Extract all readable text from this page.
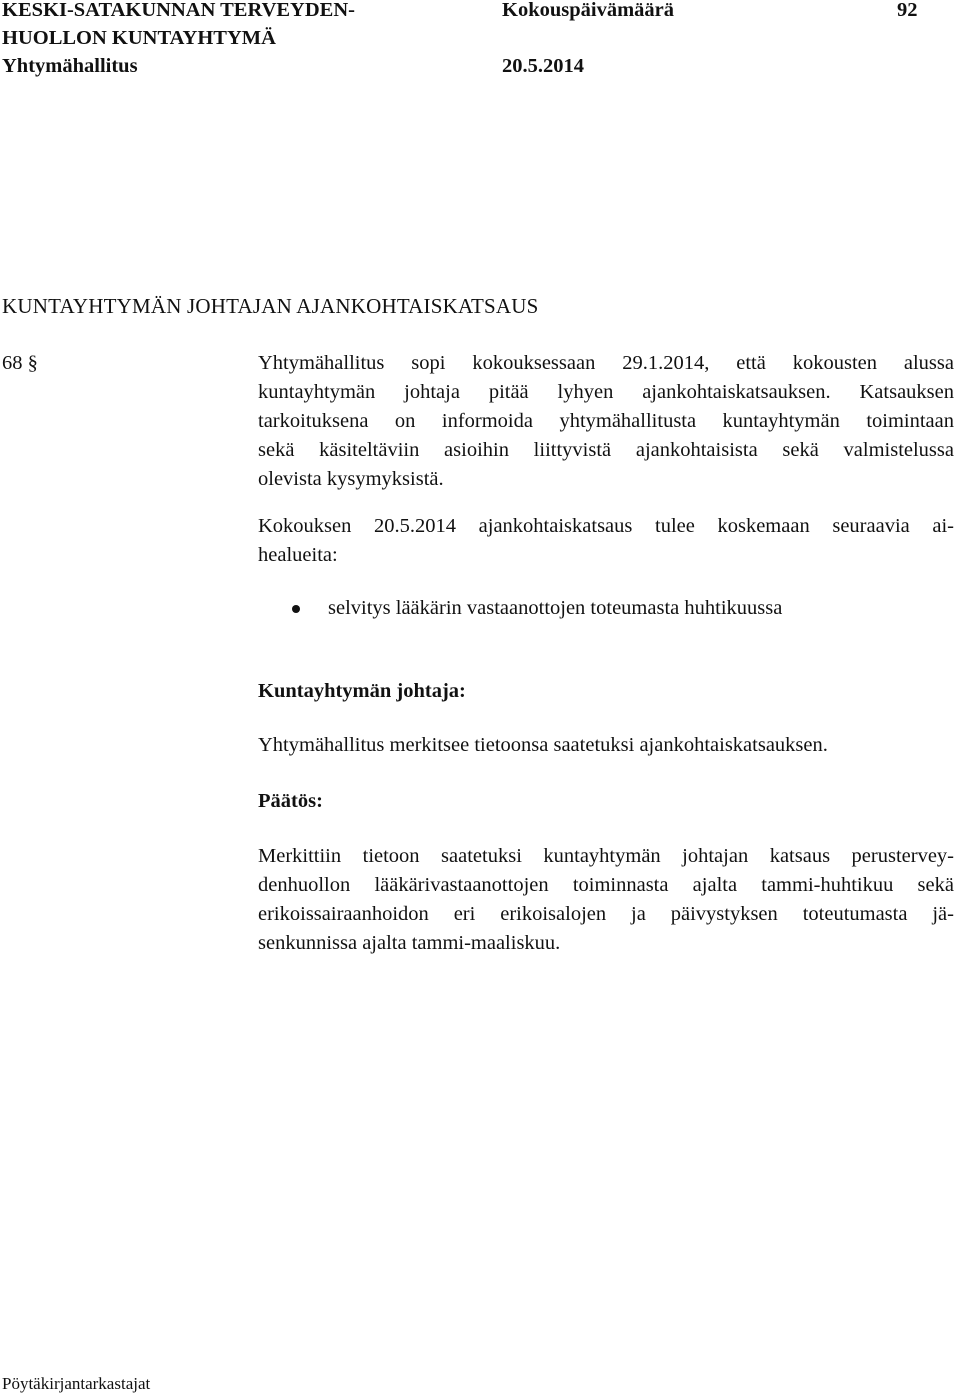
KESKI-SATAKUNNAN TERVEYDEN-
HUOLLON KUNTAYHTYMÄ
Yhtymähallitus
Kokouspäivämäärä
20.5.2014
92
KUNTAYHTYMÄN JOHTAJAN AJANKOHTAISKATSAUS
68 §	Yhtymähallitus sopi kokouksessaan 29.1.2014, että kokousten alussa
kuntayhtymän johtaja pitää lyhyen ajankohtaiskatsauksen. Katsauksen
tarkoituksena on informoida yhtymähallitusta kuntayhtymän toimintaan
sekä käsiteltäviin asioihin liittyvistä ajankohtaisista sekä valmistelussa
olevista kysymyksistä.
Kokouksen 20.5.2014 ajankohtaiskatsaus tulee koskemaan seuraavia ai-
healueita:
selvitys lääkärin vastaanottojen toteumasta huhtikuussa
Kuntayhtymän johtaja:
Yhtymähallitus merkitsee tietoonsa saatetuksi ajankohtaiskatsauksen.
Päätös:
Merkittiin tietoon saatetuksi kuntayhtymän johtajan katsaus perustervey-
denhuollon lääkärivastaanottojen toiminnasta ajalta tammi-huhtikuu sekä
erikoissairaanhoidon eri erikoisalojen ja päivystyksen toteutumasta jä-
senkunnissa ajalta tammi-maaliskuu.
Pöytäkirjantarkastajat
